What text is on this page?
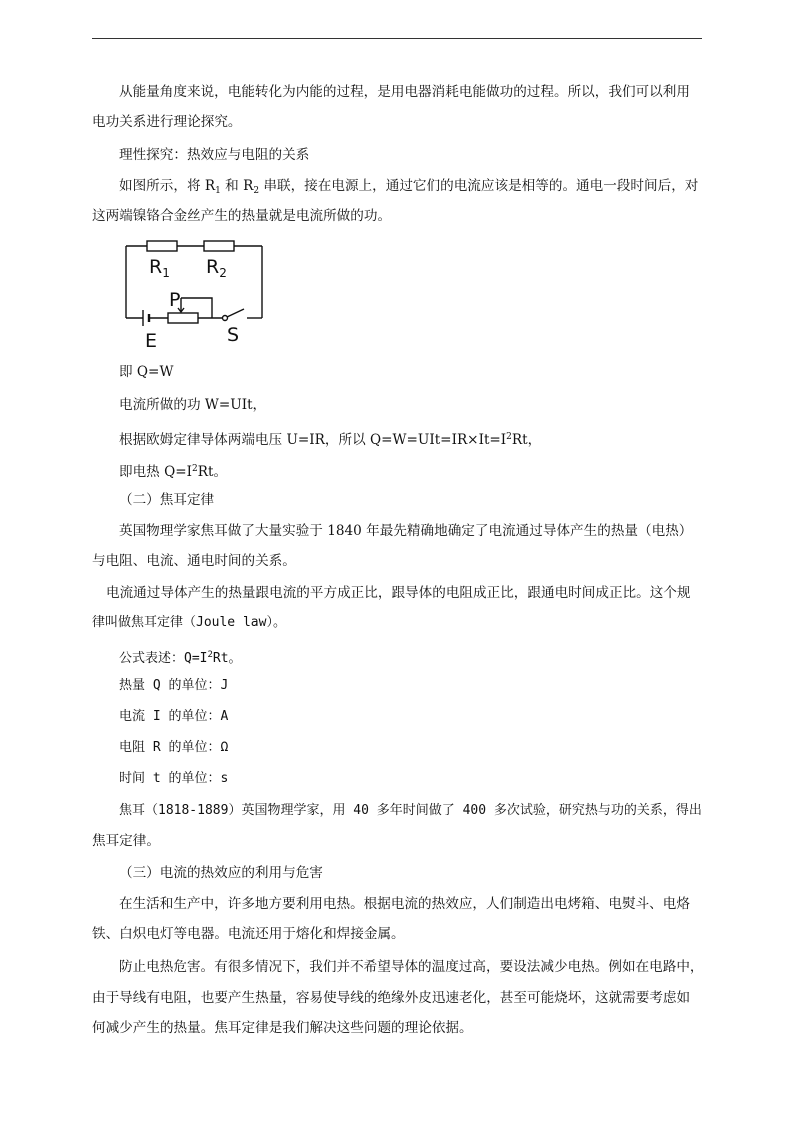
从能量角度来说，电能转化为内能的过程，是用电器消耗电能做功的过程。所以，我们可以利用
电功关系进行理论探究。
理性探究：热效应与电阻的关系
如图所示，将 $R_1$ 和 $R_2$ 串联，接在电源上，通过它们的电流应该是相等的。通电一段时间后，对
这两端镍铬合金丝产生的热量就是电流所做的功。
$R_1$ $R_2$
P
S
E
即 Q=W
电流所做的功 W=UIt，
根据欧姆定律导体两端电压 U=IR，所以 $Q=W=UIt=IR\times It=I^2Rt$，
即电热 $Q=I^2Rt$。
（二）焦耳定律
英国物理学家焦耳做了大量实验于 1840 年最先精确地确定了电流通过导体产生的热量（电热）
与电阻、电流、通电时间的关系。
电流通过导体产生的热量跟电流的平方成正比，跟导体的电阻成正比，跟通电时间成正比。这个规
律叫做焦耳定律（Joule law）。
公式表述：$Q=I^2Rt$。
热量 Q 的单位：J
电流 I 的单位：A
电阻 R 的单位：Ω
时间 t 的单位：s
焦耳（1818-1889）英国物理学家，用 40 多年时间做了 400 多次试验，研究热与功的关系，得出
焦耳定律。
（三）电流的热效应的利用与危害
在生活和生产中，许多地方要利用电热。根据电流的热效应，人们制造出电烤箱、电熨斗、电烙
铁、白炽电灯等电器。电流还用于熔化和焊接金属。
防止电热危害。有很多情况下，我们并不希望导体的温度过高，要设法减少电热。例如在电路中，
由于导线有电阻，也要产生热量，容易使导线的绝缘外皮迅速老化，甚至可能烧坏，这就需要考虑如
何减少产生的热量。焦耳定律是我们解决这些问题的理论依据。
